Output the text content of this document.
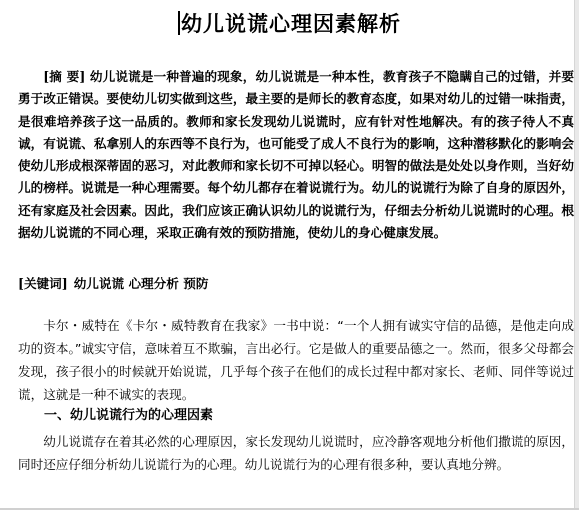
幼儿说谎心理因素解析

[摘 要] 幼儿说谎是一种普遍的现象，幼儿说谎是一种本性，教育孩子不隐瞒自己的过错，并要勇于改正错误。要使幼儿切实做到这些，最主要的是师长的教育态度，如果对幼儿的过错一味指责，是很难培养孩子这一品质的。教师和家长发现幼儿说谎时，应有针对性地解决。有的孩子待人不真诚，有说谎、私拿别人的东西等不良行为，也可能受了成人不良行为的影响，这种潜移默化的影响会使幼儿形成根深蒂固的恶习，对此教师和家长切不可掉以轻心。明智的做法是处处以身作则，当好幼儿的榜样。说谎是一种心理需要。每个幼儿都存在着说谎行为。幼儿的说谎行为除了自身的原因外，还有家庭及社会因素。因此，我们应该正确认识幼儿的说谎行为，仔细去分析幼儿说谎时的心理。根据幼儿说谎的不同心理，采取正确有效的预防措施，使幼儿的身心健康发展。

[关键词] 幼儿说谎 心理分析 预防

卡尔・威特在《卡尔・威特教育在我家》一书中说：“一个人拥有诚实守信的品德，是他走向成功的资本。”诚实守信，意味着互不欺骗，言出必行。它是做人的重要品德之一。然而，很多父母都会发现，孩子很小的时候就开始说谎，几乎每个孩子在他们的成长过程中都对家长、老师、同伴等说过谎，这就是一种不诚实的表现。

一、幼儿说谎行为的心理因素

幼儿说谎存在着其必然的心理原因，家长发现幼儿说谎时，应冷静客观地分析他们撒谎的原因，同时还应仔细分析幼儿说谎行为的心理。幼儿说谎行为的心理有很多种，要认真地分辨。
